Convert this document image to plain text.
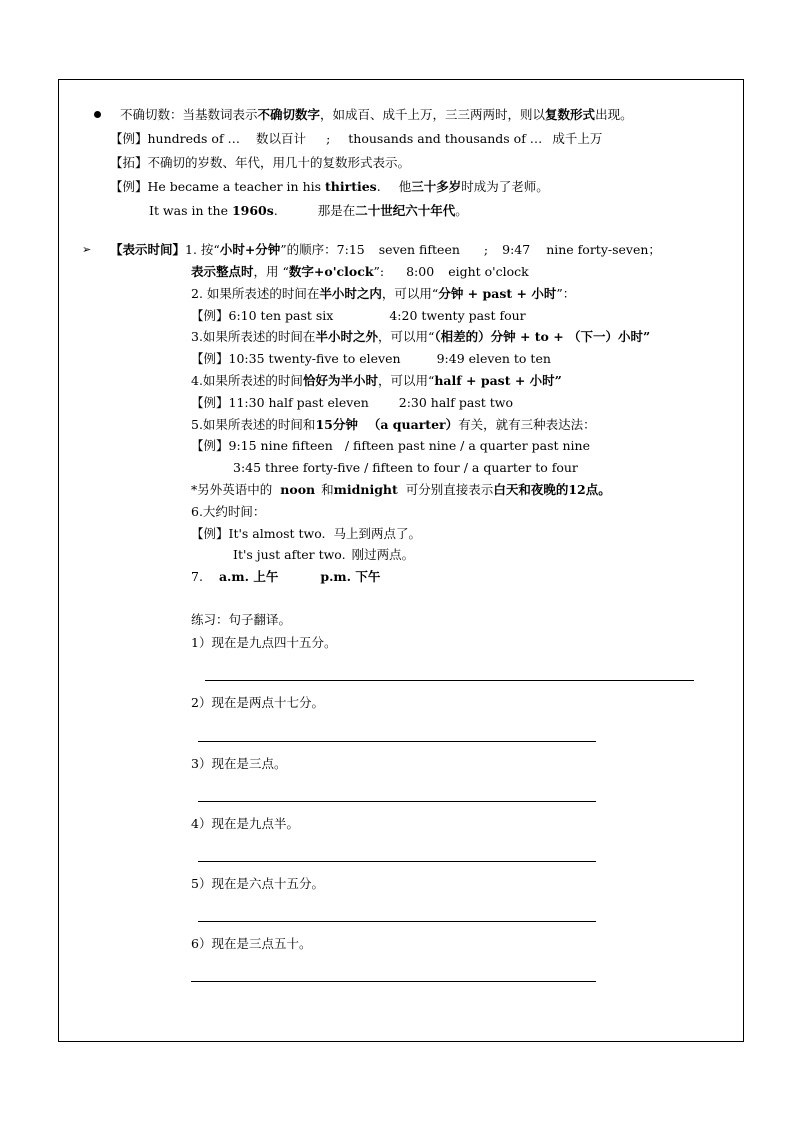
不确切数：当基数词表示不确切数字，如成百、成千上万，三三两两时，则以复数形式出现。
【例】hundreds of … 数以百计 ; thousands and thousands of … 成千上万
【拓】不确切的岁数、年代，用几十的复数形式表示。
【例】He became a teacher in his thirties. 他三十多岁时成为了老师。
It was in the 1960s.	那是在二十世纪六十年代。
➢ 【表示时间】1. 按“小时+分钟”的顺序：7:15 seven fifteen ; 9:47 nine forty-seven；
表示整点时，用 “数字+o'clock”: 8:00 eight o'clock
2. 如果所表述的时间在半小时之内，可以用“分钟 + past + 小时”：
【例】6:10 ten past six	4:20 twenty past four
3.如果所表述的时间在半小时之外，可以用“（相差的）分钟 + to + （下一）小时”
【例】10:35 twenty-five to eleven	9:49 eleven to ten
4.如果所表述的时间恰好为半小时，可以用“half + past + 小时”
【例】11:30 half past eleven 2:30 half past two
5.如果所表述的时间和15分钟 （a quarter）有关，就有三种表达法：
【例】9:15 nine fifteen / fifteen past nine / a quarter past nine
3:45 three forty-five / fifteen to four / a quarter to four
*另外英语中的 noon 和midnight 可分别直接表示白天和夜晚的12点。
6.大约时间：
【例】It's almost two. 马上到两点了。
It's just after two. 刚过两点。
7. a.m. 上午	p.m. 下午
练习：句子翻译。
1）现在是九点四十五分。
2）现在是两点十七分。
3）现在是三点。
4）现在是九点半。
5）现在是六点十五分。
6）现在是三点五十。
